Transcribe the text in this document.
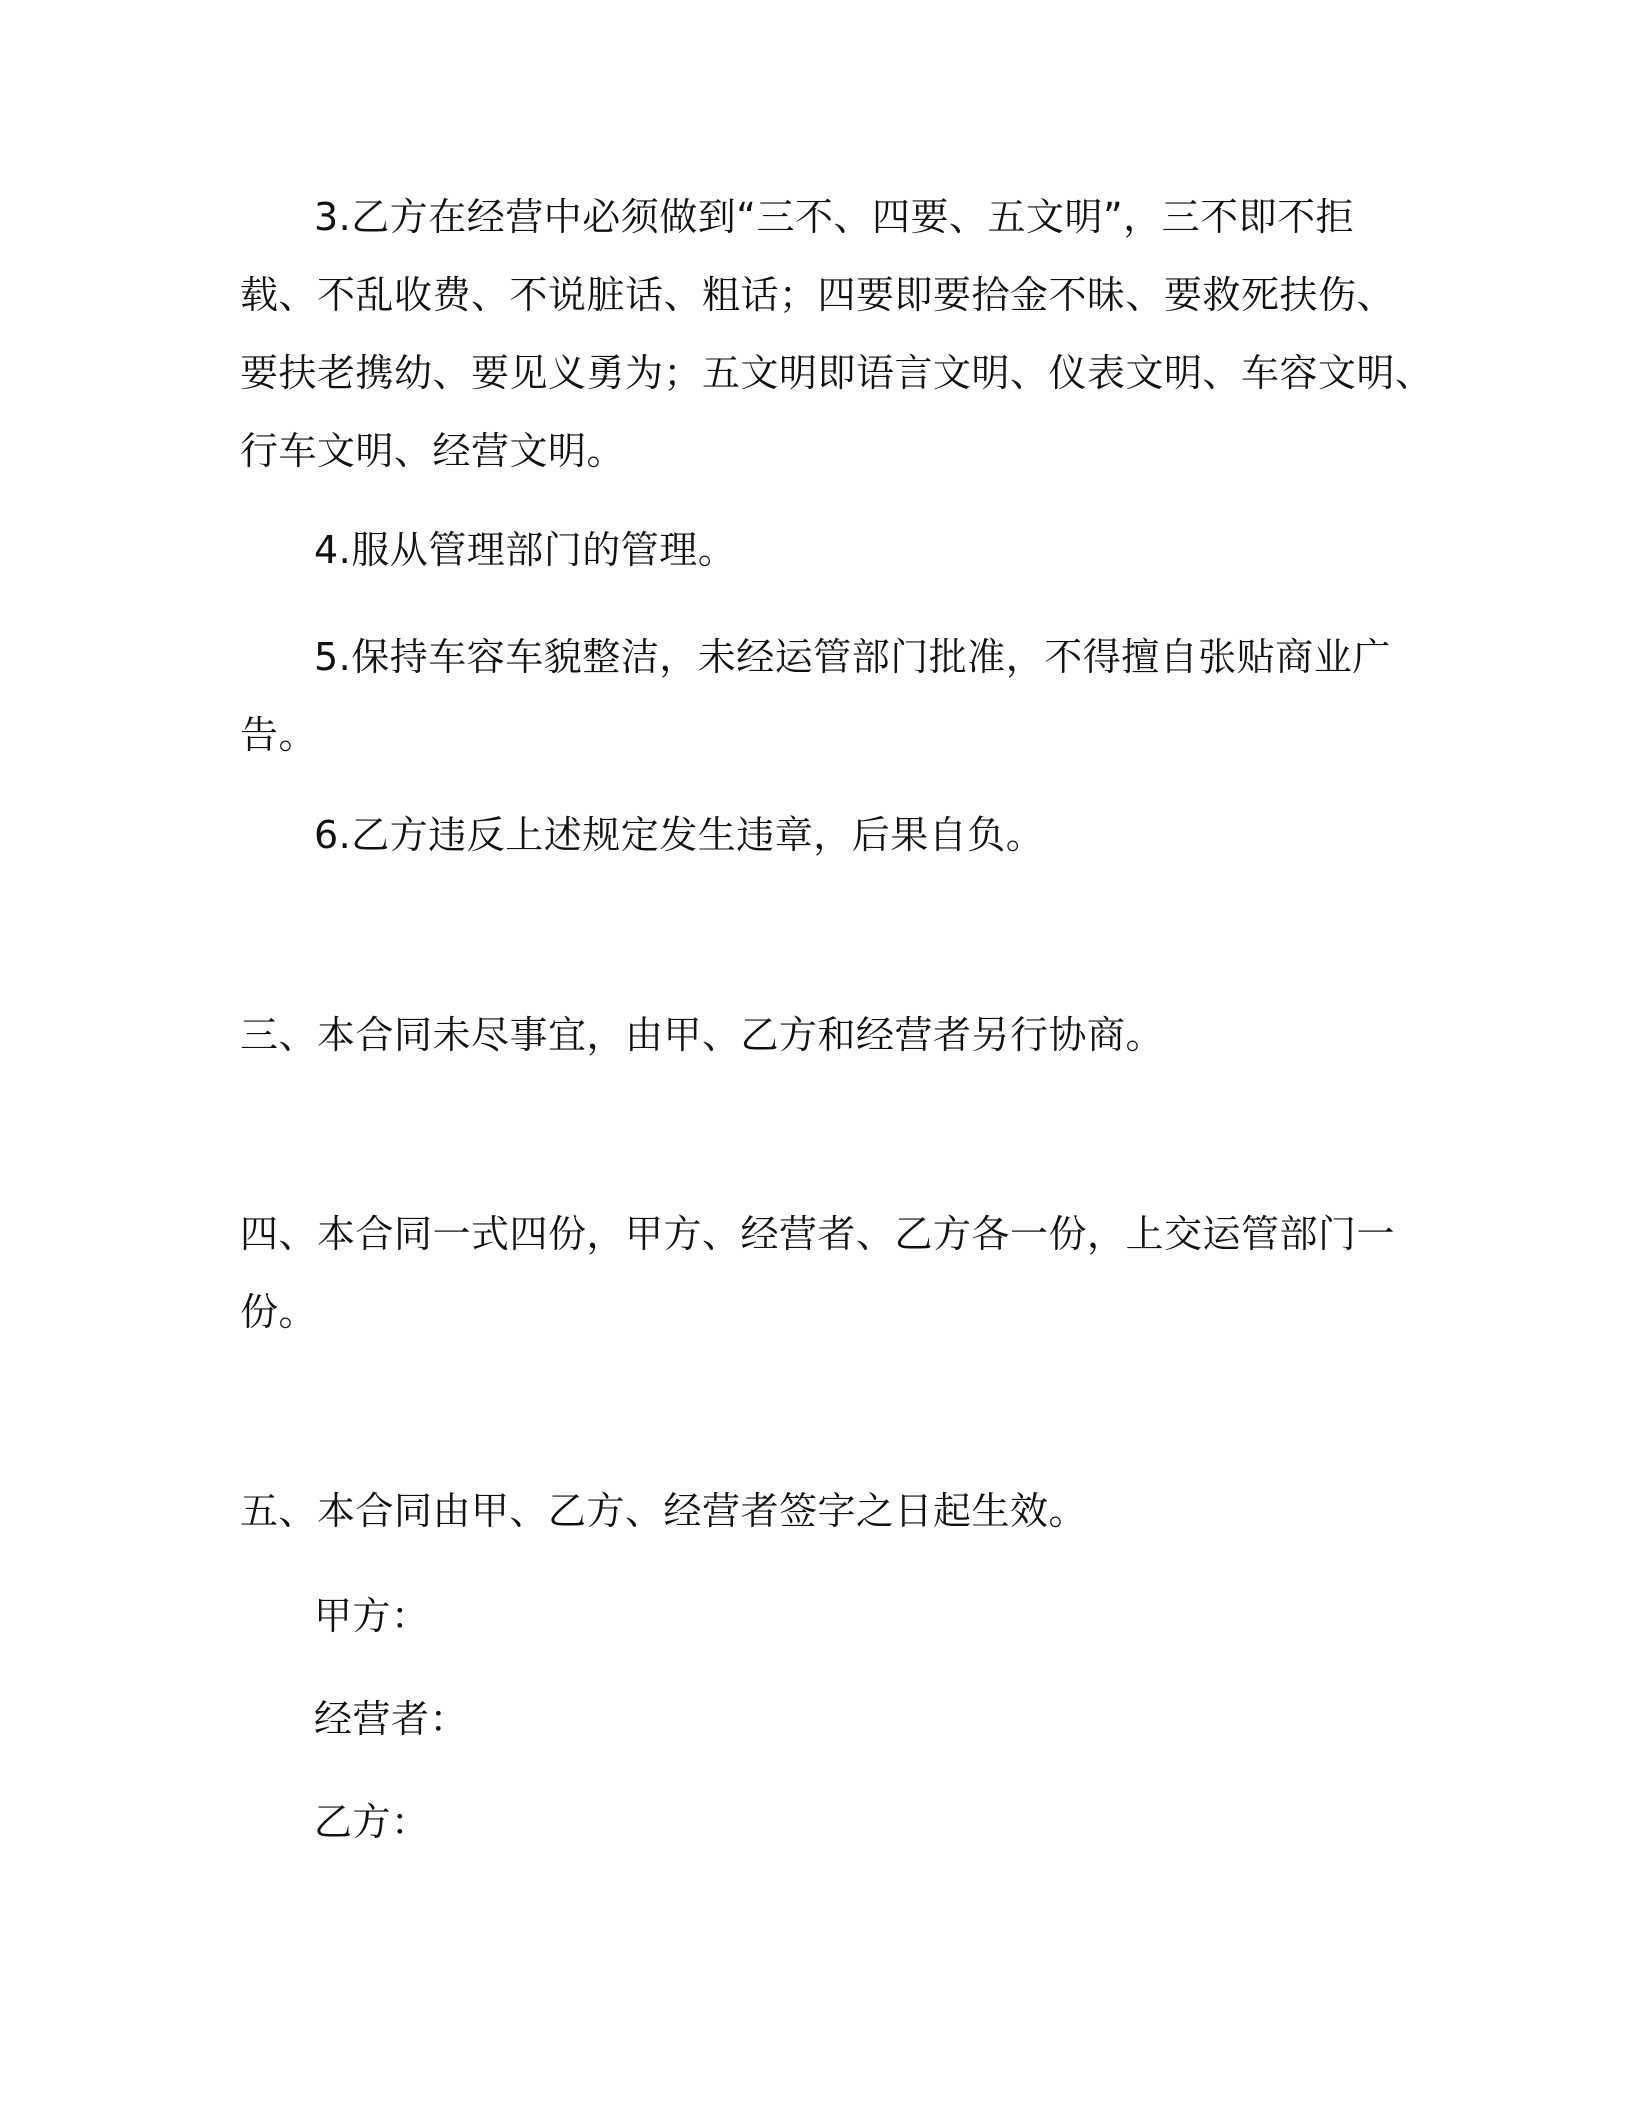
3.乙方在经营中必须做到“三不、四要、五文明”，三不即不拒
载、不乱收费、不说脏话、粗话；四要即要拾金不昧、要救死扶伤、
要扶老携幼、要见义勇为；五文明即语言文明、仪表文明、车容文明、
行车文明、经营文明。
4.服从管理部门的管理。
5.保持车容车貌整洁，未经运管部门批准，不得擅自张贴商业广
告。
6.乙方违反上述规定发生违章，后果自负。
三、本合同未尽事宜，由甲、乙方和经营者另行协商。
四、本合同一式四份，甲方、经营者、乙方各一份，上交运管部门一
份。
五、本合同由甲、乙方、经营者签字之日起生效。
甲方：
经营者：
乙方：
